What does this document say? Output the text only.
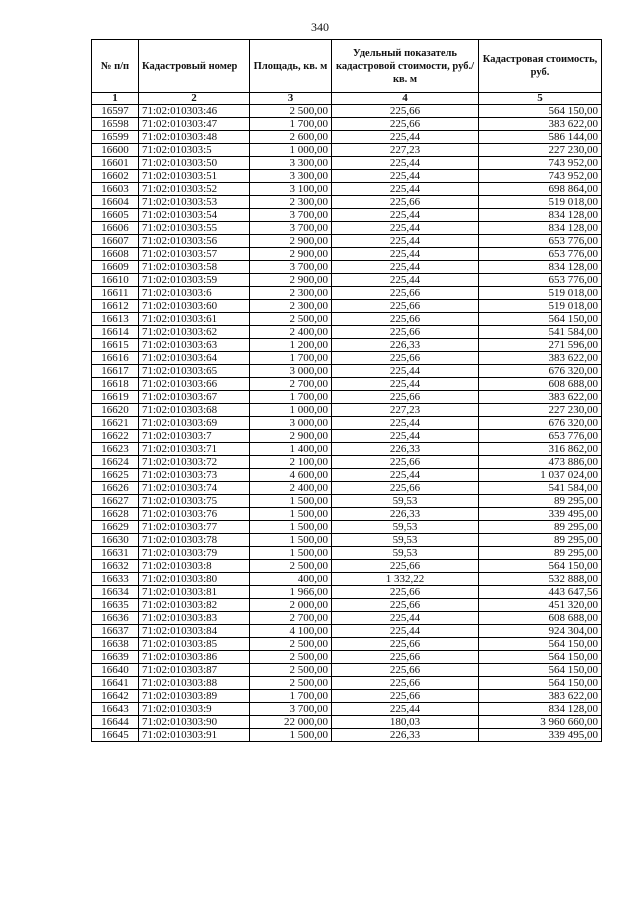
340
№ п/п	Кадастровый номер	Площадь, кв. м	Удельный показатель кадастровой стоимости, руб./кв. м	Кадастровая стоимость, руб.
1	2	3	4	5
16597	71:02:010303:46	2 500,00	225,66	564 150,00
16598	71:02:010303:47	1 700,00	225,66	383 622,00
16599	71:02:010303:48	2 600,00	225,44	586 144,00
16600	71:02:010303:5	1 000,00	227,23	227 230,00
16601	71:02:010303:50	3 300,00	225,44	743 952,00
16602	71:02:010303:51	3 300,00	225,44	743 952,00
16603	71:02:010303:52	3 100,00	225,44	698 864,00
16604	71:02:010303:53	2 300,00	225,66	519 018,00
16605	71:02:010303:54	3 700,00	225,44	834 128,00
16606	71:02:010303:55	3 700,00	225,44	834 128,00
16607	71:02:010303:56	2 900,00	225,44	653 776,00
16608	71:02:010303:57	2 900,00	225,44	653 776,00
16609	71:02:010303:58	3 700,00	225,44	834 128,00
16610	71:02:010303:59	2 900,00	225,44	653 776,00
16611	71:02:010303:6	2 300,00	225,66	519 018,00
16612	71:02:010303:60	2 300,00	225,66	519 018,00
16613	71:02:010303:61	2 500,00	225,66	564 150,00
16614	71:02:010303:62	2 400,00	225,66	541 584,00
16615	71:02:010303:63	1 200,00	226,33	271 596,00
16616	71:02:010303:64	1 700,00	225,66	383 622,00
16617	71:02:010303:65	3 000,00	225,44	676 320,00
16618	71:02:010303:66	2 700,00	225,44	608 688,00
16619	71:02:010303:67	1 700,00	225,66	383 622,00
16620	71:02:010303:68	1 000,00	227,23	227 230,00
16621	71:02:010303:69	3 000,00	225,44	676 320,00
16622	71:02:010303:7	2 900,00	225,44	653 776,00
16623	71:02:010303:71	1 400,00	226,33	316 862,00
16624	71:02:010303:72	2 100,00	225,66	473 886,00
16625	71:02:010303:73	4 600,00	225,44	1 037 024,00
16626	71:02:010303:74	2 400,00	225,66	541 584,00
16627	71:02:010303:75	1 500,00	59,53	89 295,00
16628	71:02:010303:76	1 500,00	226,33	339 495,00
16629	71:02:010303:77	1 500,00	59,53	89 295,00
16630	71:02:010303:78	1 500,00	59,53	89 295,00
16631	71:02:010303:79	1 500,00	59,53	89 295,00
16632	71:02:010303:8	2 500,00	225,66	564 150,00
16633	71:02:010303:80	400,00	1 332,22	532 888,00
16634	71:02:010303:81	1 966,00	225,66	443 647,56
16635	71:02:010303:82	2 000,00	225,66	451 320,00
16636	71:02:010303:83	2 700,00	225,44	608 688,00
16637	71:02:010303:84	4 100,00	225,44	924 304,00
16638	71:02:010303:85	2 500,00	225,66	564 150,00
16639	71:02:010303:86	2 500,00	225,66	564 150,00
16640	71:02:010303:87	2 500,00	225,66	564 150,00
16641	71:02:010303:88	2 500,00	225,66	564 150,00
16642	71:02:010303:89	1 700,00	225,66	383 622,00
16643	71:02:010303:9	3 700,00	225,44	834 128,00
16644	71:02:010303:90	22 000,00	180,03	3 960 660,00
16645	71:02:010303:91	1 500,00	226,33	339 495,00
